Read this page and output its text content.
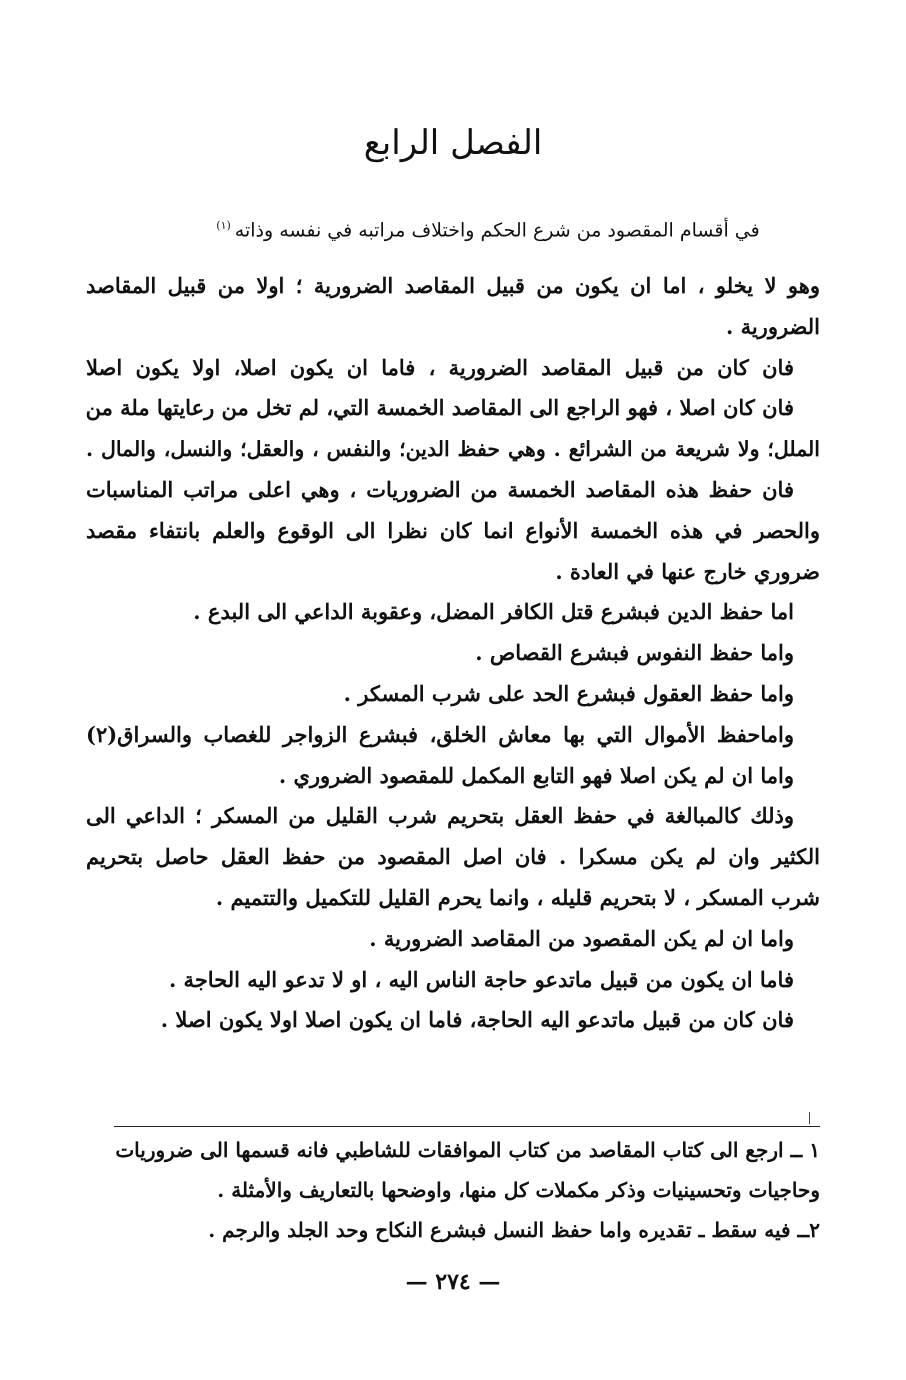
الفصل الرابع

في أقسام المقصود من شرع الحكم واختلاف مراتبه في نفسه وذاته$^{(١)}$

وهو لا يخلو ، اما ان يكون من قبيل المقاصد الضرورية ؛ اولا من قبيل المقاصد
الضرورية .
فان كان من قبيل المقاصد الضرورية ، فاما ان يكون اصلا، اولا يكون اصلا
فان كان اصلا ، فهو الراجع الى المقاصد الخمسة التي، لم تخل من رعايتها ملة من
الملل؛ ولا شريعة من الشرائع . وهي حفظ الدين؛ والنفس ، والعقل؛ والنسل، والمال .
فان حفظ هذه المقاصد الخمسة من الضروريات ، وهي اعلى مراتب المناسبات
والحصر في هذه الخمسة الأنواع انما كان نظرا الى الوقوع والعلم بانتفاء مقصد
ضروري خارج عنها في العادة .
اما حفظ الدين فبشرع قتل الكافر المضل، وعقوبة الداعي الى البدع .
واما حفظ النفوس فبشرع القصاص .
واما حفظ العقول فبشرع الحد على شرب المسكر .
واماحفظ الأموال التي بها معاش الخلق، فبشرع الزواجر للغصاب والسراق(٢)
واما ان لم يكن اصلا فهو التابع المكمل للمقصود الضروري .
وذلك كالمبالغة في حفظ العقل بتحريم شرب القليل من المسكر ؛ الداعي الى
الكثير وان لم يكن مسكرا . فان اصل المقصود من حفظ العقل حاصل بتحريم
شرب المسكر ، لا بتحريم قليله ، وانما يحرم القليل للتكميل والتتميم .
واما ان لم يكن المقصود من المقاصد الضرورية .
فاما ان يكون من قبيل ماتدعو حاجة الناس اليه ، او لا تدعو اليه الحاجة .
فان كان من قبيل ماتدعو اليه الحاجة، فاما ان يكون اصلا اولا يكون اصلا .
١ ــ ارجع الى كتاب المقاصد من كتاب الموافقات للشاطبي فانه قسمها الى ضروريات
وحاجيات وتحسينيات وذكر مكملات كل منها، واوضحها بالتعاريف والأمثلة .
٢ــ فيه سقط ـ تقديره واما حفظ النسل فبشرع النكاح وحد الجلد والرجم .
— ٢٧٤ —
